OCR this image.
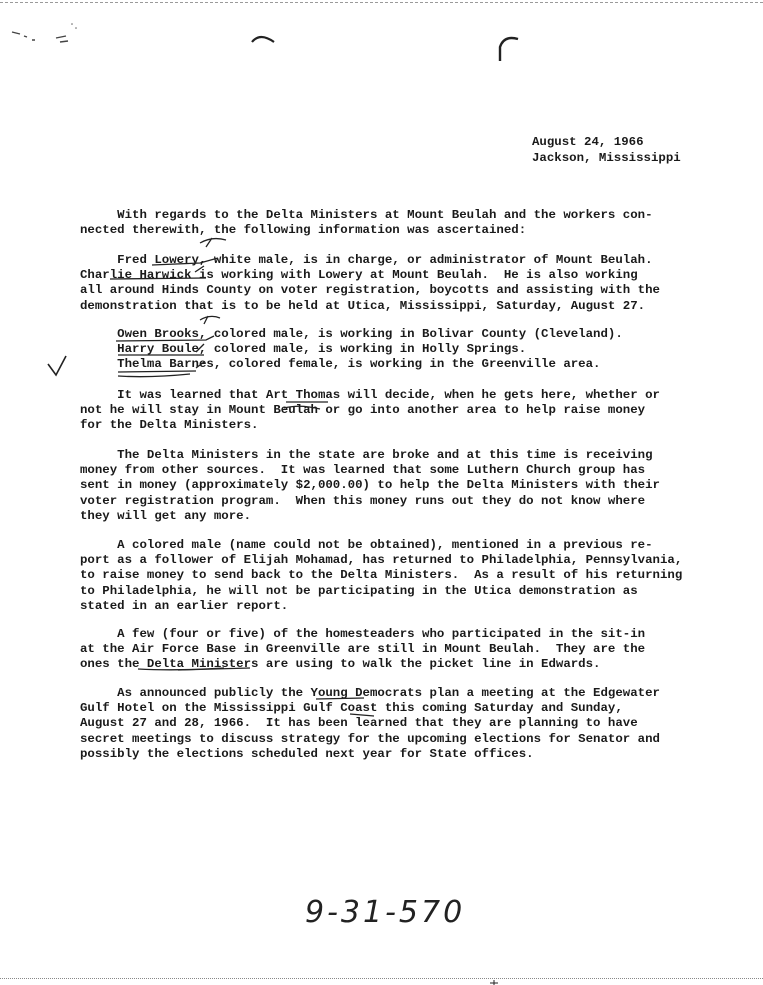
August 24, 1966
Jackson, Mississippi
With regards to the Delta Ministers at Mount Beulah and the workers con-
nected therewith, the following information was ascertained:
Fred Lowery, white male, is in charge, or administrator of Mount Beulah.
Charlie Harwick is working with Lowery at Mount Beulah.  He is also working
all around Hinds County on voter registration, boycotts and assisting with the
demonstration that is to be held at Utica, Mississippi, Saturday, August 27.
Owen Brooks, colored male, is working in Bolivar County (Cleveland).
Harry Boule, colored male, is working in Holly Springs.
Thelma Barnes, colored female, is working in the Greenville area.
It was learned that Art Thomas will decide, when he gets here, whether or
not he will stay in Mount Beulah or go into another area to help raise money
for the Delta Ministers.
The Delta Ministers in the state are broke and at this time is receiving
money from other sources.  It was learned that some Luthern Church group has
sent in money (approximately $2,000.00) to help the Delta Ministers with their
voter registration program.  When this money runs out they do not know where
they will get any more.
A colored male (name could not be obtained), mentioned in a previous re-
port as a follower of Elijah Mohamad, has returned to Philadelphia, Pennsylvania,
to raise money to send back to the Delta Ministers.  As a result of his returning
to Philadelphia, he will not be participating in the Utica demonstration as
stated in an earlier report.
A few (four or five) of the homesteaders who participated in the sit-in
at the Air Force Base in Greenville are still in Mount Beulah.  They are the
ones the Delta Ministers are using to walk the picket line in Edwards.
As announced publicly the Young Democrats plan a meeting at the Edgewater
Gulf Hotel on the Mississippi Gulf Coast this coming Saturday and Sunday,
August 27 and 28, 1966.  It has been learned that they are planning to have
secret meetings to discuss strategy for the upcoming elections for Senator and
possibly the elections scheduled next year for State offices.
9-31-570
